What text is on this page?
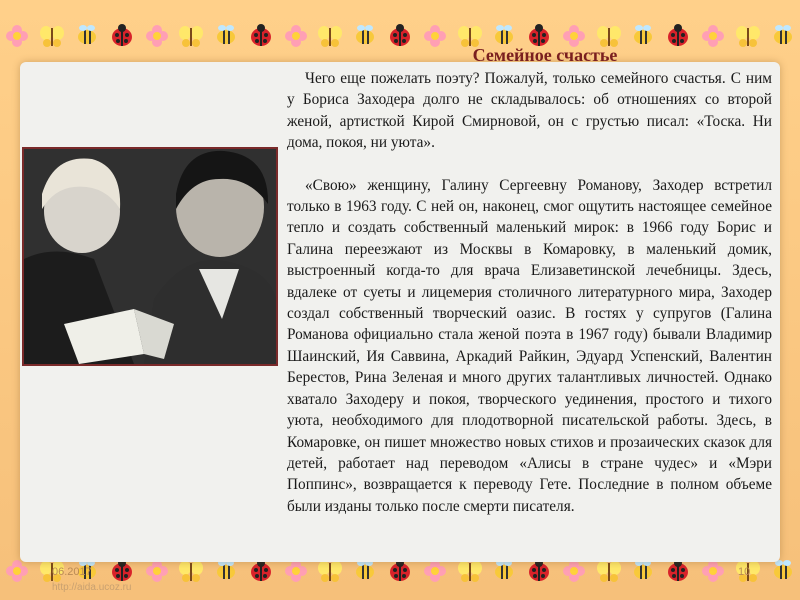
Семейное счастье

Чего еще пожелать поэту? Пожалуй, только семейного счастья. С ним у Бориса Заходера долго не складывалось: об отношениях со второй женой, артисткой Кирой Смирновой, он с грустью писал: «Тоска. Ни дома, покоя, ни уюта».

«Свою» женщину, Галину Сергеевну Романову, Заходер встретил только в 1963 году. С ней он, наконец, смог ощутить настоящее семейное тепло и создать собственный маленький мирок: в 1966 году Борис и Галина переезжают из Москвы в Комаровку, в маленький домик, выстроенный когда-то для врача Елизаветинской лечебницы. Здесь, вдалеке от суеты и лицемерия столичного литературного мира, Заходер создал собственный творческий оазис. В гостях у супругов (Галина Романова официально стала женой поэта в 1967 году) бывали Владимир Шаинский, Ия Саввина, Аркадий Райкин, Эдуард Успенский, Валентин Берестов, Рина Зеленая и много других талантливых личностей. Однако хватало Заходеру и покоя, творческого уединения, простого и тихого уюта, необходимого для плодотворной писательской работы. Здесь, в Комаровке, он пишет множество новых стихов и прозаических сказок для детей, работает над переводом «Алисы в стране чудес» и «Мэри Поппинс», возвращается к переводу Гете. Последние в полном объеме были изданы только после смерти писателя.

06.2017
http://aida.ucoz.ru
10
